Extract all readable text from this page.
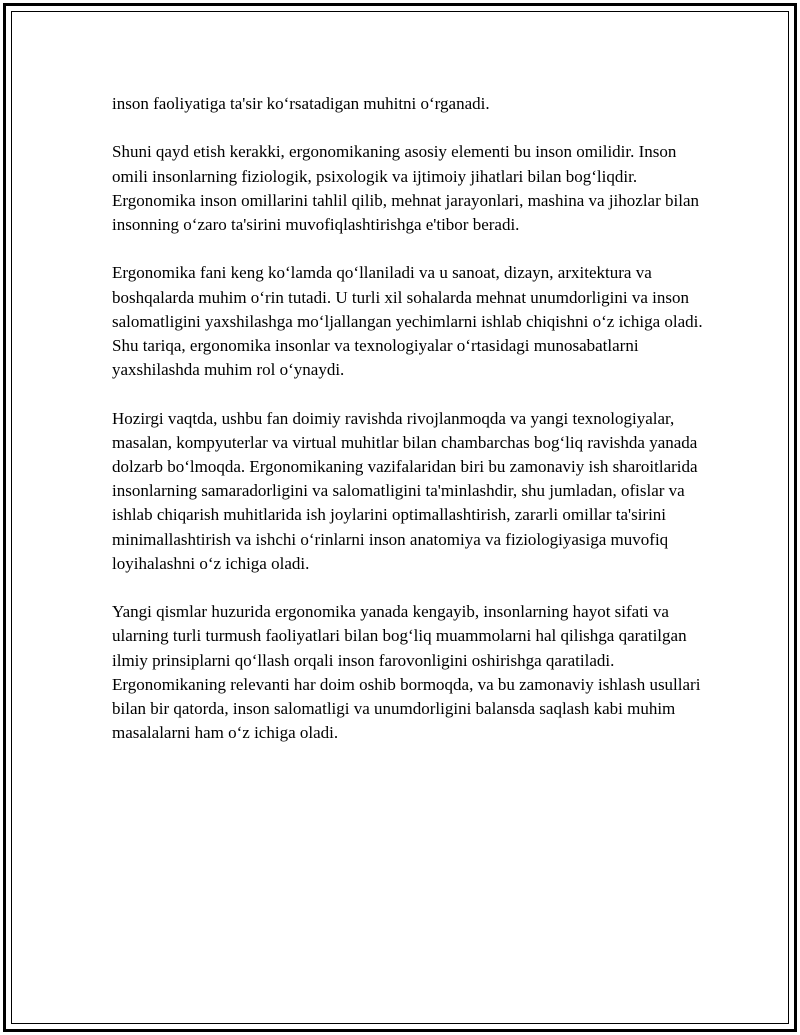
inson faoliyatiga ta'sir koʻrsatadigan muhitni oʻrganadi.

Shuni qayd etish kerakki, ergonomikaning asosiy elementi bu inson omilidir. Inson omili insonlarning fiziologik, psixologik va ijtimoiy jihatlari bilan bogʻliqdir. Ergonomika inson omillarini tahlil qilib, mehnat jarayonlari, mashina va jihozlar bilan insonning oʻzaro ta'sirini muvofiqlashtirishga e'tibor beradi.

Ergonomika fani keng koʻlamda qoʻllaniladi va u sanoat, dizayn, arxitektura va boshqalarda muhim oʻrin tutadi. U turli xil sohalarda mehnat unumdorligini va inson salomatligini yaxshilashga moʻljallangan yechimlarni ishlab chiqishni oʻz ichiga oladi. Shu tariqa, ergonomika insonlar va texnologiyalar oʻrtasidagi munosabatlarni yaxshilashda muhim rol oʻynaydi.

Hozirgi vaqtda, ushbu fan doimiy ravishda rivojlanmoqda va yangi texnologiyalar, masalan, kompyuterlar va virtual muhitlar bilan chambarchas bogʻliq ravishda yanada dolzarb boʻlmoqda. Ergonomikaning vazifalaridan biri bu zamonaviy ish sharoitlarida insonlarning samaradorligini va salomatligini ta'minlashdir, shu jumladan, ofislar va ishlab chiqarish muhitlarida ish joylarini optimallashtirish, zararli omillar ta'sirini minimallashtirish va ishchi oʻrinlarni inson anatomiya va fiziologiyasiga muvofiq loyihalashni oʻz ichiga oladi.

Yangi qismlar huzurida ergonomika yanada kengayib, insonlarning hayot sifati va ularning turli turmush faoliyatlari bilan bogʻliq muammolarni hal qilishga qaratilgan ilmiy prinsiplarni qoʻllash orqali inson farovonligini oshirishga qaratiladi. Ergonomikaning relevanti har doim oshib bormoqda, va bu zamonaviy ishlash usullari bilan bir qatorda, inson salomatligi va unumdorligini balansda saqlash kabi muhim masalalarni ham oʻz ichiga oladi.
